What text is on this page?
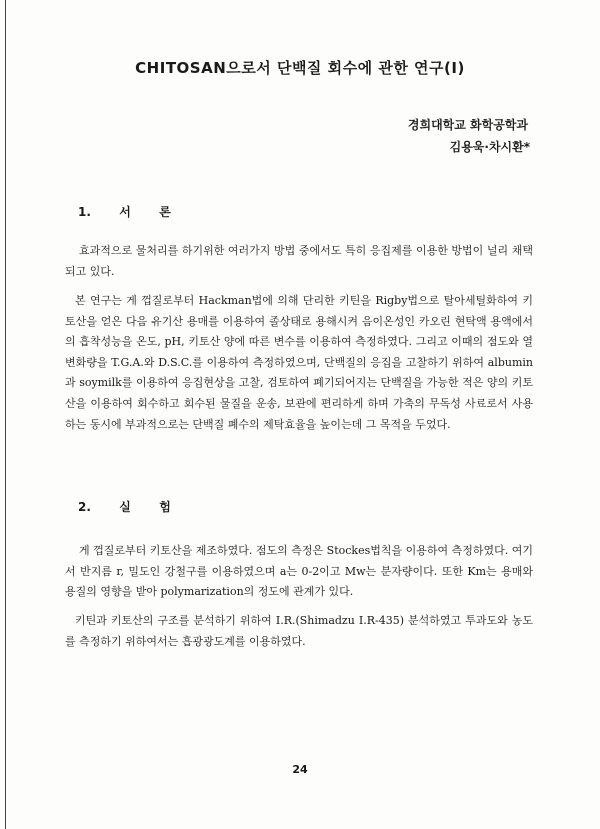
CHITOSAN으로서 단백질 회수에 관한 연구(Ⅰ)
경희대학교 화학공학과
김용욱·차시환*
1. 서 론

효과적으로 물처리를 하기위한 여러가지 방법 중에서도 특히 응집제를 이용한 방법이 널리 채택되고 있다.

본 연구는 게 껍질로부터 Hackman법에 의해 단리한 키틴을 Rigby법으로 탈아세틸화하여 키토산을 얻은 다음 유기산 용매를 이용하여 졸상태로 용해시켜 음이온성인 카오린 현탁액 용액에서의 흡착성능을 온도, pH, 키토산 양에 따른 변수를 이용하여 측정하였다. 그리고 이때의 점도와 열변화량을 T.G.A.와 D.S.C.를 이용하여 측정하였으며, 단백질의 응집을 고찰하기 위하여 albumin과 soymilk를 이용하여 응집현상을 고찰, 검토하여 폐기되어지는 단백질을 가능한 적은 양의 키토산을 이용하여 회수하고 회수된 물질을 운송, 보관에 편리하게 하며 가축의 무독성 사료로서 사용하는 동시에 부과적으로는 단백질 폐수의 제탁효율을 높이는데 그 목적을 두었다.

2. 실 험

게 껍질로부터 키토산을 제조하였다. 점도의 측정은 Stockes법칙을 이용하여 측정하였다. 여기서 반지름 r, 밀도인 강철구를 이용하였으며 a는 0-2이고 Mw는 분자량이다. 또한 Km는 용매와 용질의 영향을 받아 polymarization의 정도에 관계가 있다.

키틴과 키토산의 구조를 분석하기 위하여 I.R.(Shimadzu I.R-435) 분석하였고 투과도와 농도를 측정하기 위하여서는 흡광광도계를 이용하였다.

24
